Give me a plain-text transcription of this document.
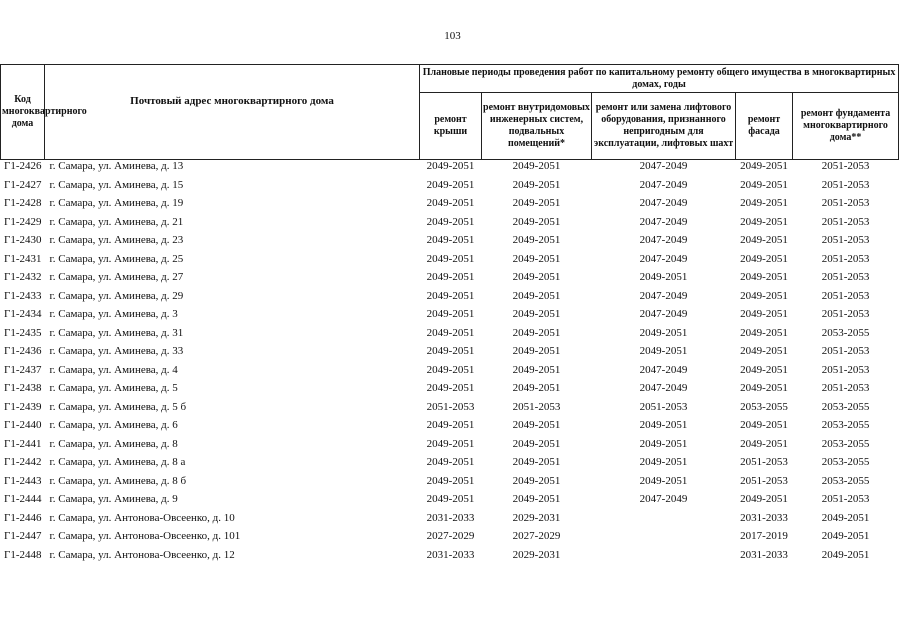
103
Код многоквартирного дома	Почтовый адрес многоквартирного дома	Плановые периоды проведения работ по капитальному ремонту общего имущества в многоквартирных домах, годы				
		ремонт крыши	ремонт внутридомовых инженерных систем, подвальных помещений*	ремонт или замена лифтового оборудования, признанного непригодным для эксплуатации, лифтовых шахт	ремонт фасада	ремонт фундамента многоквартирного дома**
Г1-2426	г. Самара, ул. Аминева, д. 13	2049-2051	2049-2051	2047-2049	2049-2051	2051-2053
Г1-2427	г. Самара, ул. Аминева, д. 15	2049-2051	2049-2051	2047-2049	2049-2051	2051-2053
Г1-2428	г. Самара, ул. Аминева, д. 19	2049-2051	2049-2051	2047-2049	2049-2051	2051-2053
Г1-2429	г. Самара, ул. Аминева, д. 21	2049-2051	2049-2051	2047-2049	2049-2051	2051-2053
Г1-2430	г. Самара, ул. Аминева, д. 23	2049-2051	2049-2051	2047-2049	2049-2051	2051-2053
Г1-2431	г. Самара, ул. Аминева, д. 25	2049-2051	2049-2051	2047-2049	2049-2051	2051-2053
Г1-2432	г. Самара, ул. Аминева, д. 27	2049-2051	2049-2051	2049-2051	2049-2051	2051-2053
Г1-2433	г. Самара, ул. Аминева, д. 29	2049-2051	2049-2051	2047-2049	2049-2051	2051-2053
Г1-2434	г. Самара, ул. Аминева, д. 3	2049-2051	2049-2051	2047-2049	2049-2051	2051-2053
Г1-2435	г. Самара, ул. Аминева, д. 31	2049-2051	2049-2051	2049-2051	2049-2051	2053-2055
Г1-2436	г. Самара, ул. Аминева, д. 33	2049-2051	2049-2051	2049-2051	2049-2051	2051-2053
Г1-2437	г. Самара, ул. Аминева, д. 4	2049-2051	2049-2051	2047-2049	2049-2051	2051-2053
Г1-2438	г. Самара, ул. Аминева, д. 5	2049-2051	2049-2051	2047-2049	2049-2051	2051-2053
Г1-2439	г. Самара, ул. Аминева, д. 5 б	2051-2053	2051-2053	2051-2053	2053-2055	2053-2055
Г1-2440	г. Самара, ул. Аминева, д. 6	2049-2051	2049-2051	2049-2051	2049-2051	2053-2055
Г1-2441	г. Самара, ул. Аминева, д. 8	2049-2051	2049-2051	2049-2051	2049-2051	2053-2055
Г1-2442	г. Самара, ул. Аминева, д. 8 а	2049-2051	2049-2051	2049-2051	2051-2053	2053-2055
Г1-2443	г. Самара, ул. Аминева, д. 8 б	2049-2051	2049-2051	2049-2051	2051-2053	2053-2055
Г1-2444	г. Самара, ул. Аминева, д. 9	2049-2051	2049-2051	2047-2049	2049-2051	2051-2053
Г1-2446	г. Самара, ул. Антонова-Овсеенко, д. 10	2031-2033	2029-2031		2031-2033	2049-2051
Г1-2447	г. Самара, ул. Антонова-Овсеенко, д. 101	2027-2029	2027-2029		2017-2019	2049-2051
Г1-2448	г. Самара, ул. Антонова-Овсеенко, д. 12	2031-2033	2029-2031		2031-2033	2049-2051
